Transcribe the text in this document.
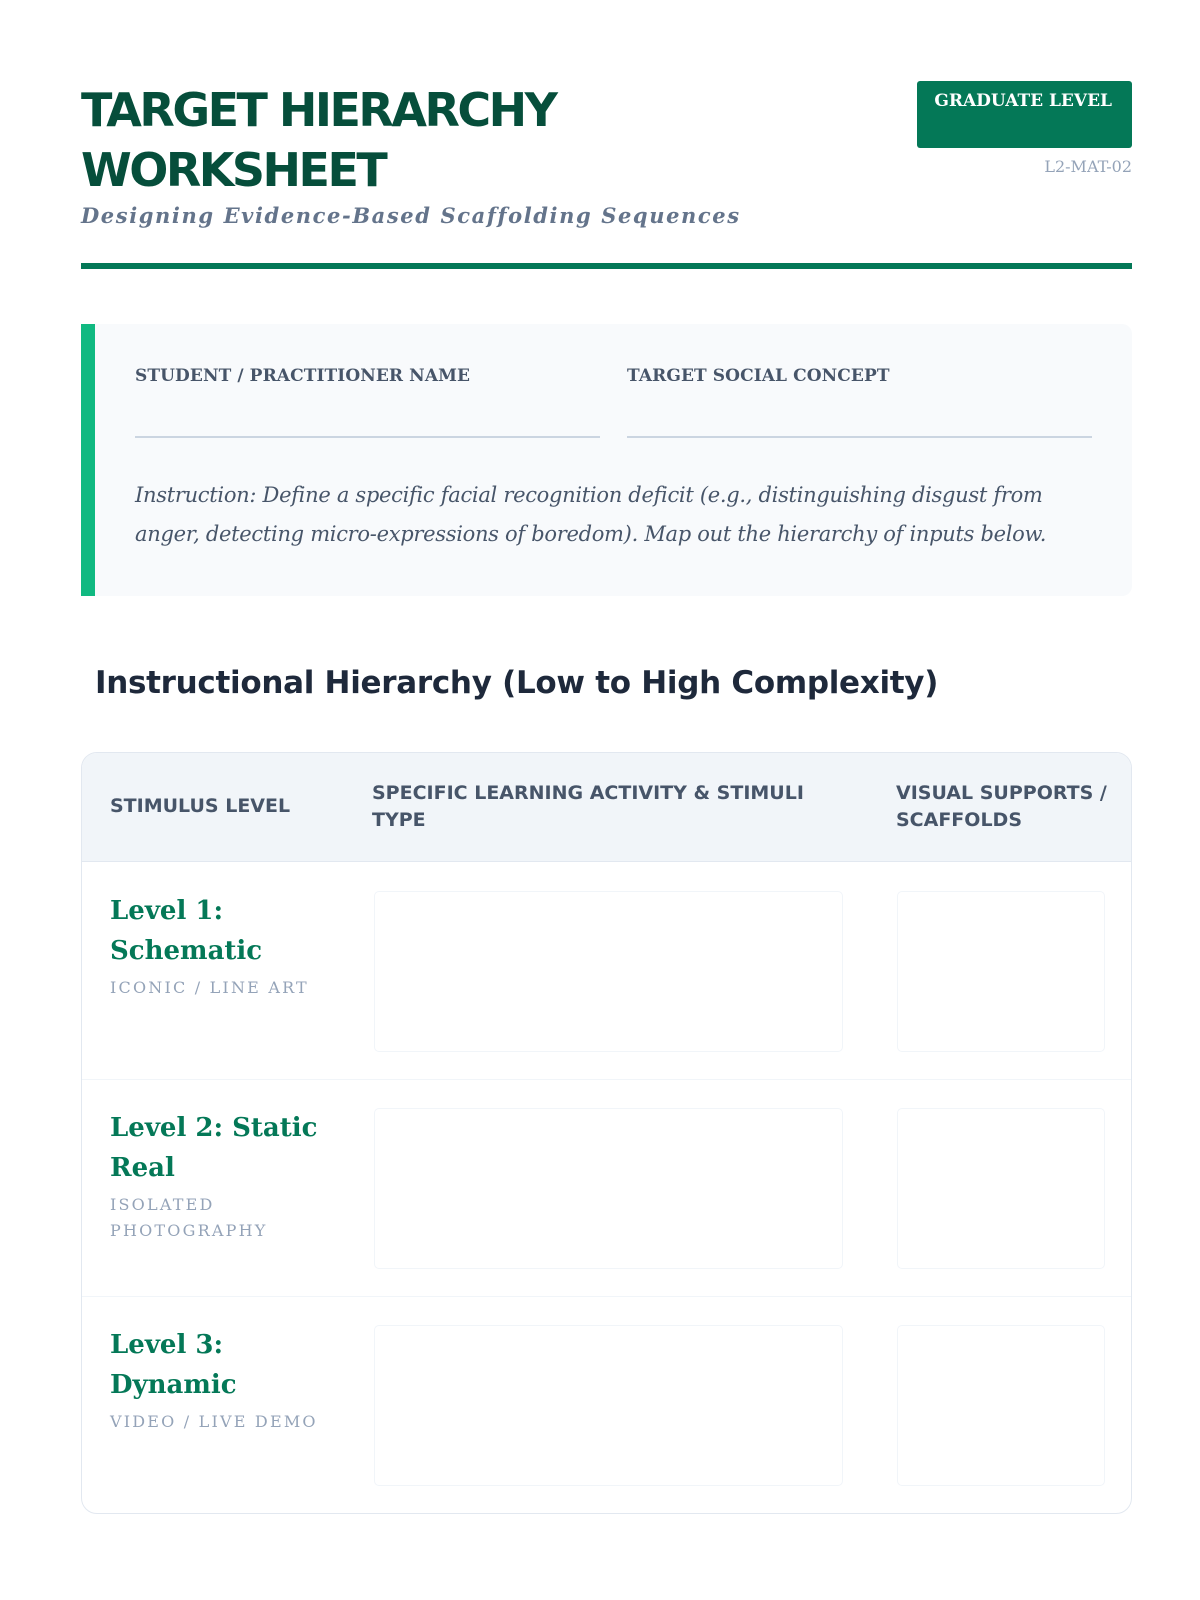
TARGET HIERARCHY WORKSHEET
Designing Evidence-Based Scaffolding Sequences
GRADUATE LEVEL
L2-MAT-02
STUDENT / PRACTITIONER NAME	TARGET SOCIAL CONCEPT
Instruction: Define a specific facial recognition deficit (e.g., distinguishing disgust from anger, detecting micro-expressions of boredom). Map out the hierarchy of inputs below.
Instructional Hierarchy (Low to High Complexity)
STIMULUS LEVEL
SPECIFIC LEARNING ACTIVITY & STIMULI TYPE
VISUAL SUPPORTS / SCAFFOLDS
Level 1: Schematic
ICONIC / LINE ART
Level 2: Static Real
ISOLATED PHOTOGRAPHY
Level 3: Dynamic
VIDEO / LIVE DEMO
